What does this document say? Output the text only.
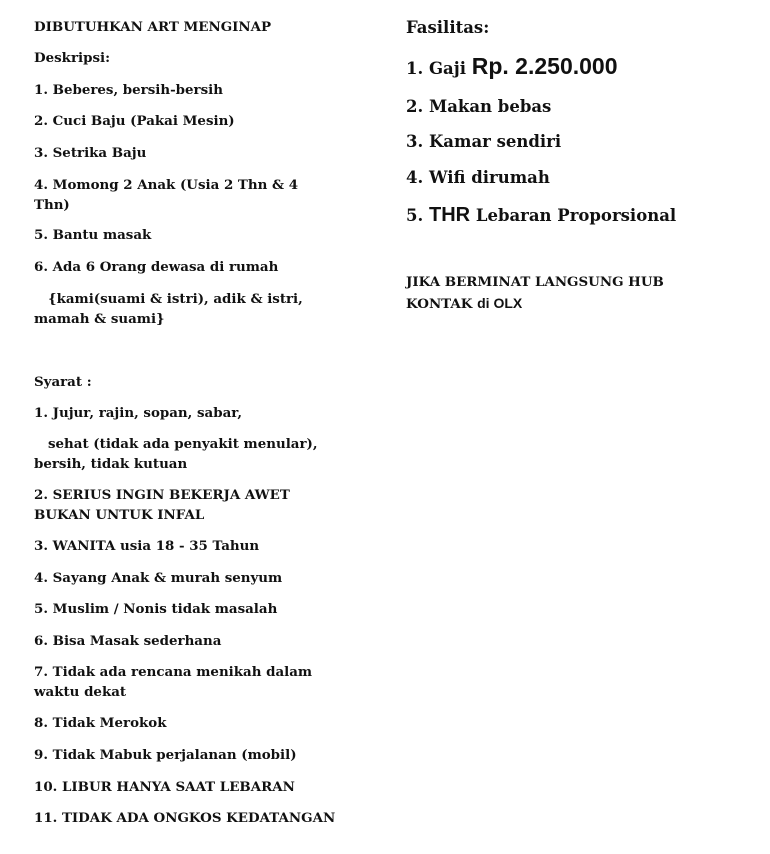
DIBUTUHKAN ART MENGINAP
Deskripsi:
1. Beberes, bersih-bersih
2. Cuci Baju (Pakai Mesin)
3. Setrika Baju
4. Momong 2 Anak (Usia 2 Thn & 4 Thn)
5. Bantu masak
6. Ada 6 Orang dewasa di rumah
{kami(suami & istri), adik & istri, mamah & suami}
Syarat :
1. Jujur, rajin, sopan, sabar,
sehat (tidak ada penyakit menular), bersih, tidak kutuan
2. SERIUS INGIN BEKERJA AWET BUKAN UNTUK INFAL
3. WANITA usia 18 - 35 Tahun
4. Sayang Anak & murah senyum
5. Muslim / Nonis tidak masalah
6. Bisa Masak sederhana
7. Tidak ada rencana menikah dalam waktu dekat
8. Tidak Merokok
9. Tidak Mabuk perjalanan (mobil)
10. LIBUR HANYA SAAT LEBARAN
11. TIDAK ADA ONGKOS KEDATANGAN
Fasilitas:
1. Gaji Rp. 2.250.000
2. Makan bebas
3. Kamar sendiri
4. Wifi dirumah
5. THR Lebaran Proporsional
JIKA BERMINAT LANGSUNG HUB
KONTAK di OLX
